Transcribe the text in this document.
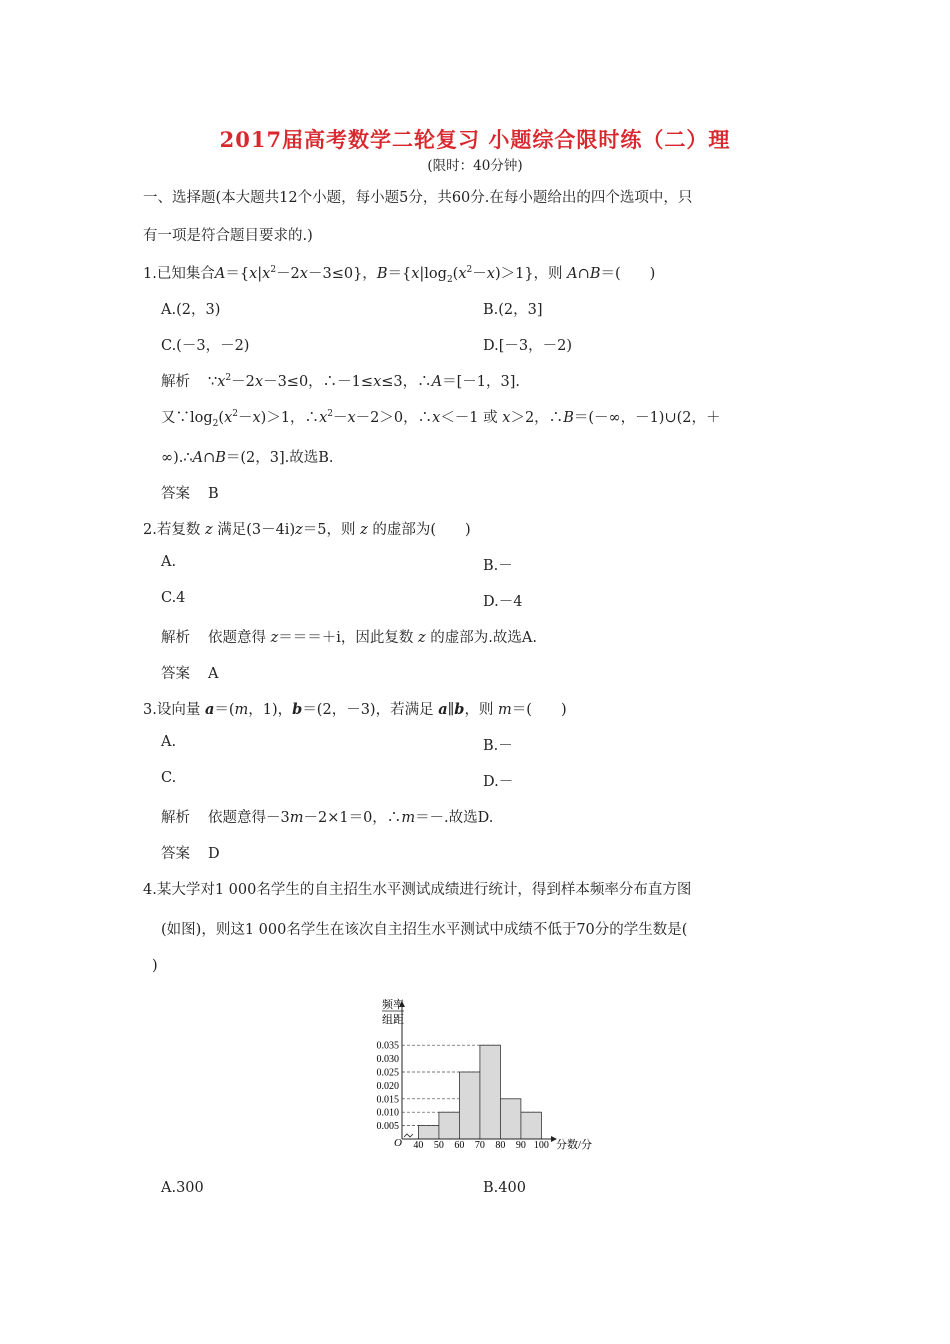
2017届高考数学二轮复习 小题综合限时练（二）理
(限时：40分钟)
一、选择题(本大题共12个小题，每小题5分，共60分.在每小题给出的四个选项中，只
有一项是符合题目要求的.)
1.已知集合$A=\{x|x^2-2x-3\le 0\}$，$B=\{x|\log_2(x^2-x)>1\}$，则 A∩B＝(　　)
A.(2，3)	B.(2，3]
C.(－3，－2)	D.[－3，－2)
解析 $\because x^2-2x-3\le 0$，∴－1≤x≤3，∴A＝[－1，3].
又$\because\log_2(x^2-x)>1$，$\therefore x^2-x-2>0$，∴x＜－1 或 x＞2，∴B＝(－∞，－1)∪(2，＋
∞).∴A∩B＝(2，3].故选B.
答案 B
2.若复数 z 满足(3－4i)z＝5，则 z 的虚部为(　　)
A.	B.－
C.4	D.－4
解析 依题意得 z＝＝＝＋i，因此复数 z 的虚部为.故选A.
答案 A
3.设向量 a＝(m，1)，b＝(2，－3)，若满足 a∥b，则 m＝(　　)
A.	B.－
C.	D.－
解析 依题意得－3m－2×1＝0，∴m＝－.故选D.
答案 D
4.某大学对1 000名学生的自主招生水平测试成绩进行统计，得到样本频率分布直方图
(如图)，则这1 000名学生在该次自主招生水平测试中成绩不低于70分的学生数是(
)
频率
组距
分数/分
O
0.005
0.010
0.015
0.020
0.025
0.030
0.035
40 50 60 70 80 90 100
A.300	B.400
